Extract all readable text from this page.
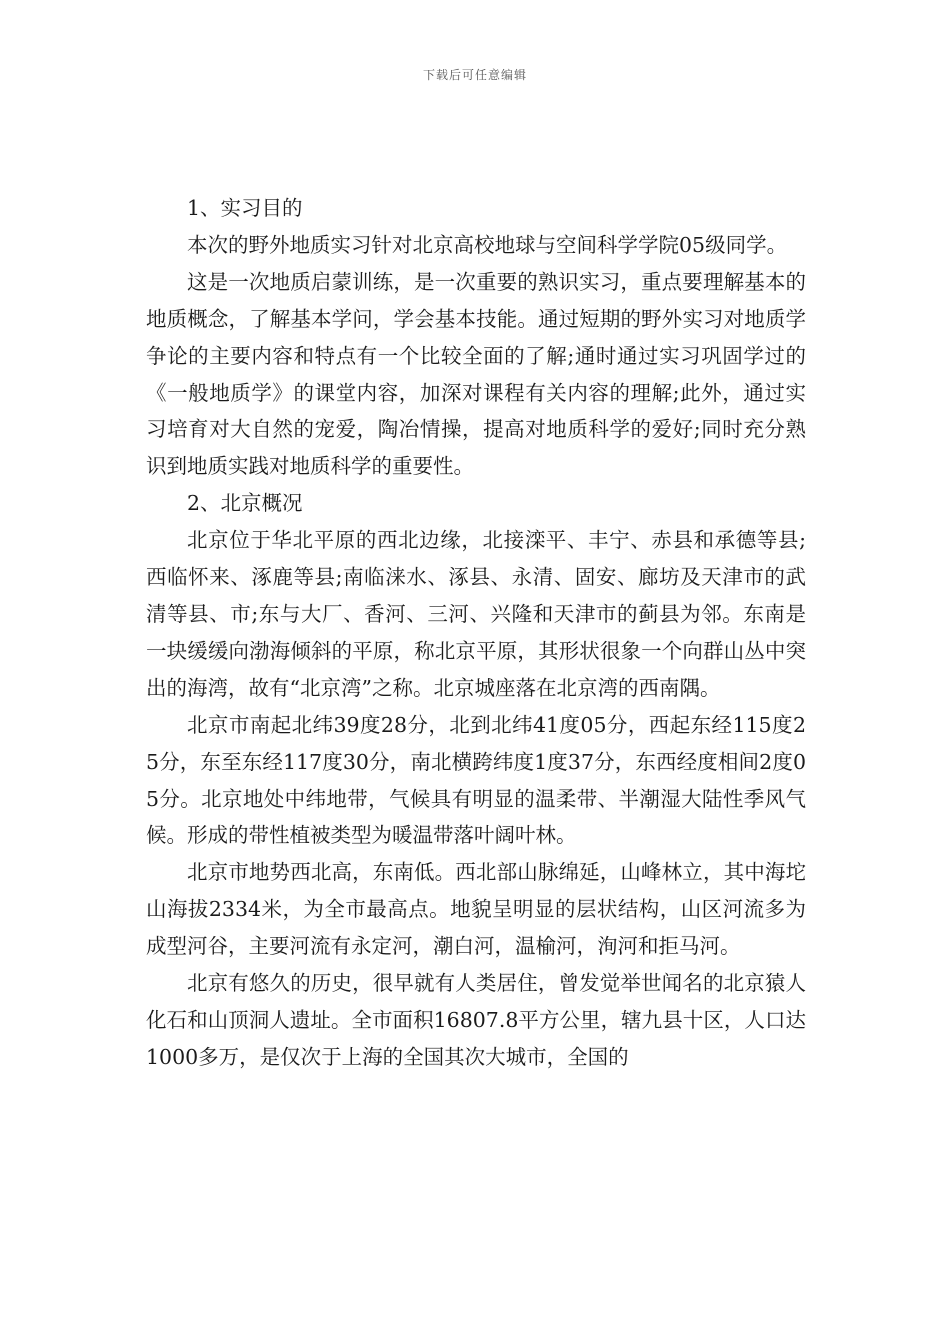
下载后可任意编辑

1、实习目的

本次的野外地质实习针对北京高校地球与空间科学学院05级同学。

这是一次地质启蒙训练，是一次重要的熟识实习，重点要理解基本的地质概念，了解基本学问，学会基本技能。通过短期的野外实习对地质学争论的主要内容和特点有一个比较全面的了解;通时通过实习巩固学过的《一般地质学》的课堂内容，加深对课程有关内容的理解;此外，通过实习培育对大自然的宠爱，陶冶情操，提高对地质科学的爱好;同时充分熟识到地质实践对地质科学的重要性。

2、北京概况

北京位于华北平原的西北边缘，北接滦平、丰宁、赤县和承德等县;西临怀来、涿鹿等县;南临涞水、涿县、永清、固安、廊坊及天津市的武清等县、市;东与大厂、香河、三河、兴隆和天津市的蓟县为邻。东南是一块缓缓向渤海倾斜的平原，称北京平原，其形状很象一个向群山丛中突出的海湾，故有“北京湾”之称。北京城座落在北京湾的西南隅。

北京市南起北纬39度28分，北到北纬41度05分，西起东经115度25分，东至东经117度30分，南北横跨纬度1度37分，东西经度相间2度05分。北京地处中纬地带，气候具有明显的温柔带、半潮湿大陆性季风气候。形成的带性植被类型为暖温带落叶阔叶林。

北京市地势西北高，东南低。西北部山脉绵延，山峰林立，其中海坨山海拔2334米，为全市最高点。地貌呈明显的层状结构，山区河流多为成型河谷，主要河流有永定河，潮白河，温榆河，洵河和拒马河。

北京有悠久的历史，很早就有人类居住，曾发觉举世闻名的北京猿人化石和山顶洞人遗址。全市面积16807.8平方公里，辖九县十区，人口达1000多万，是仅次于上海的全国其次大城市，全国的
